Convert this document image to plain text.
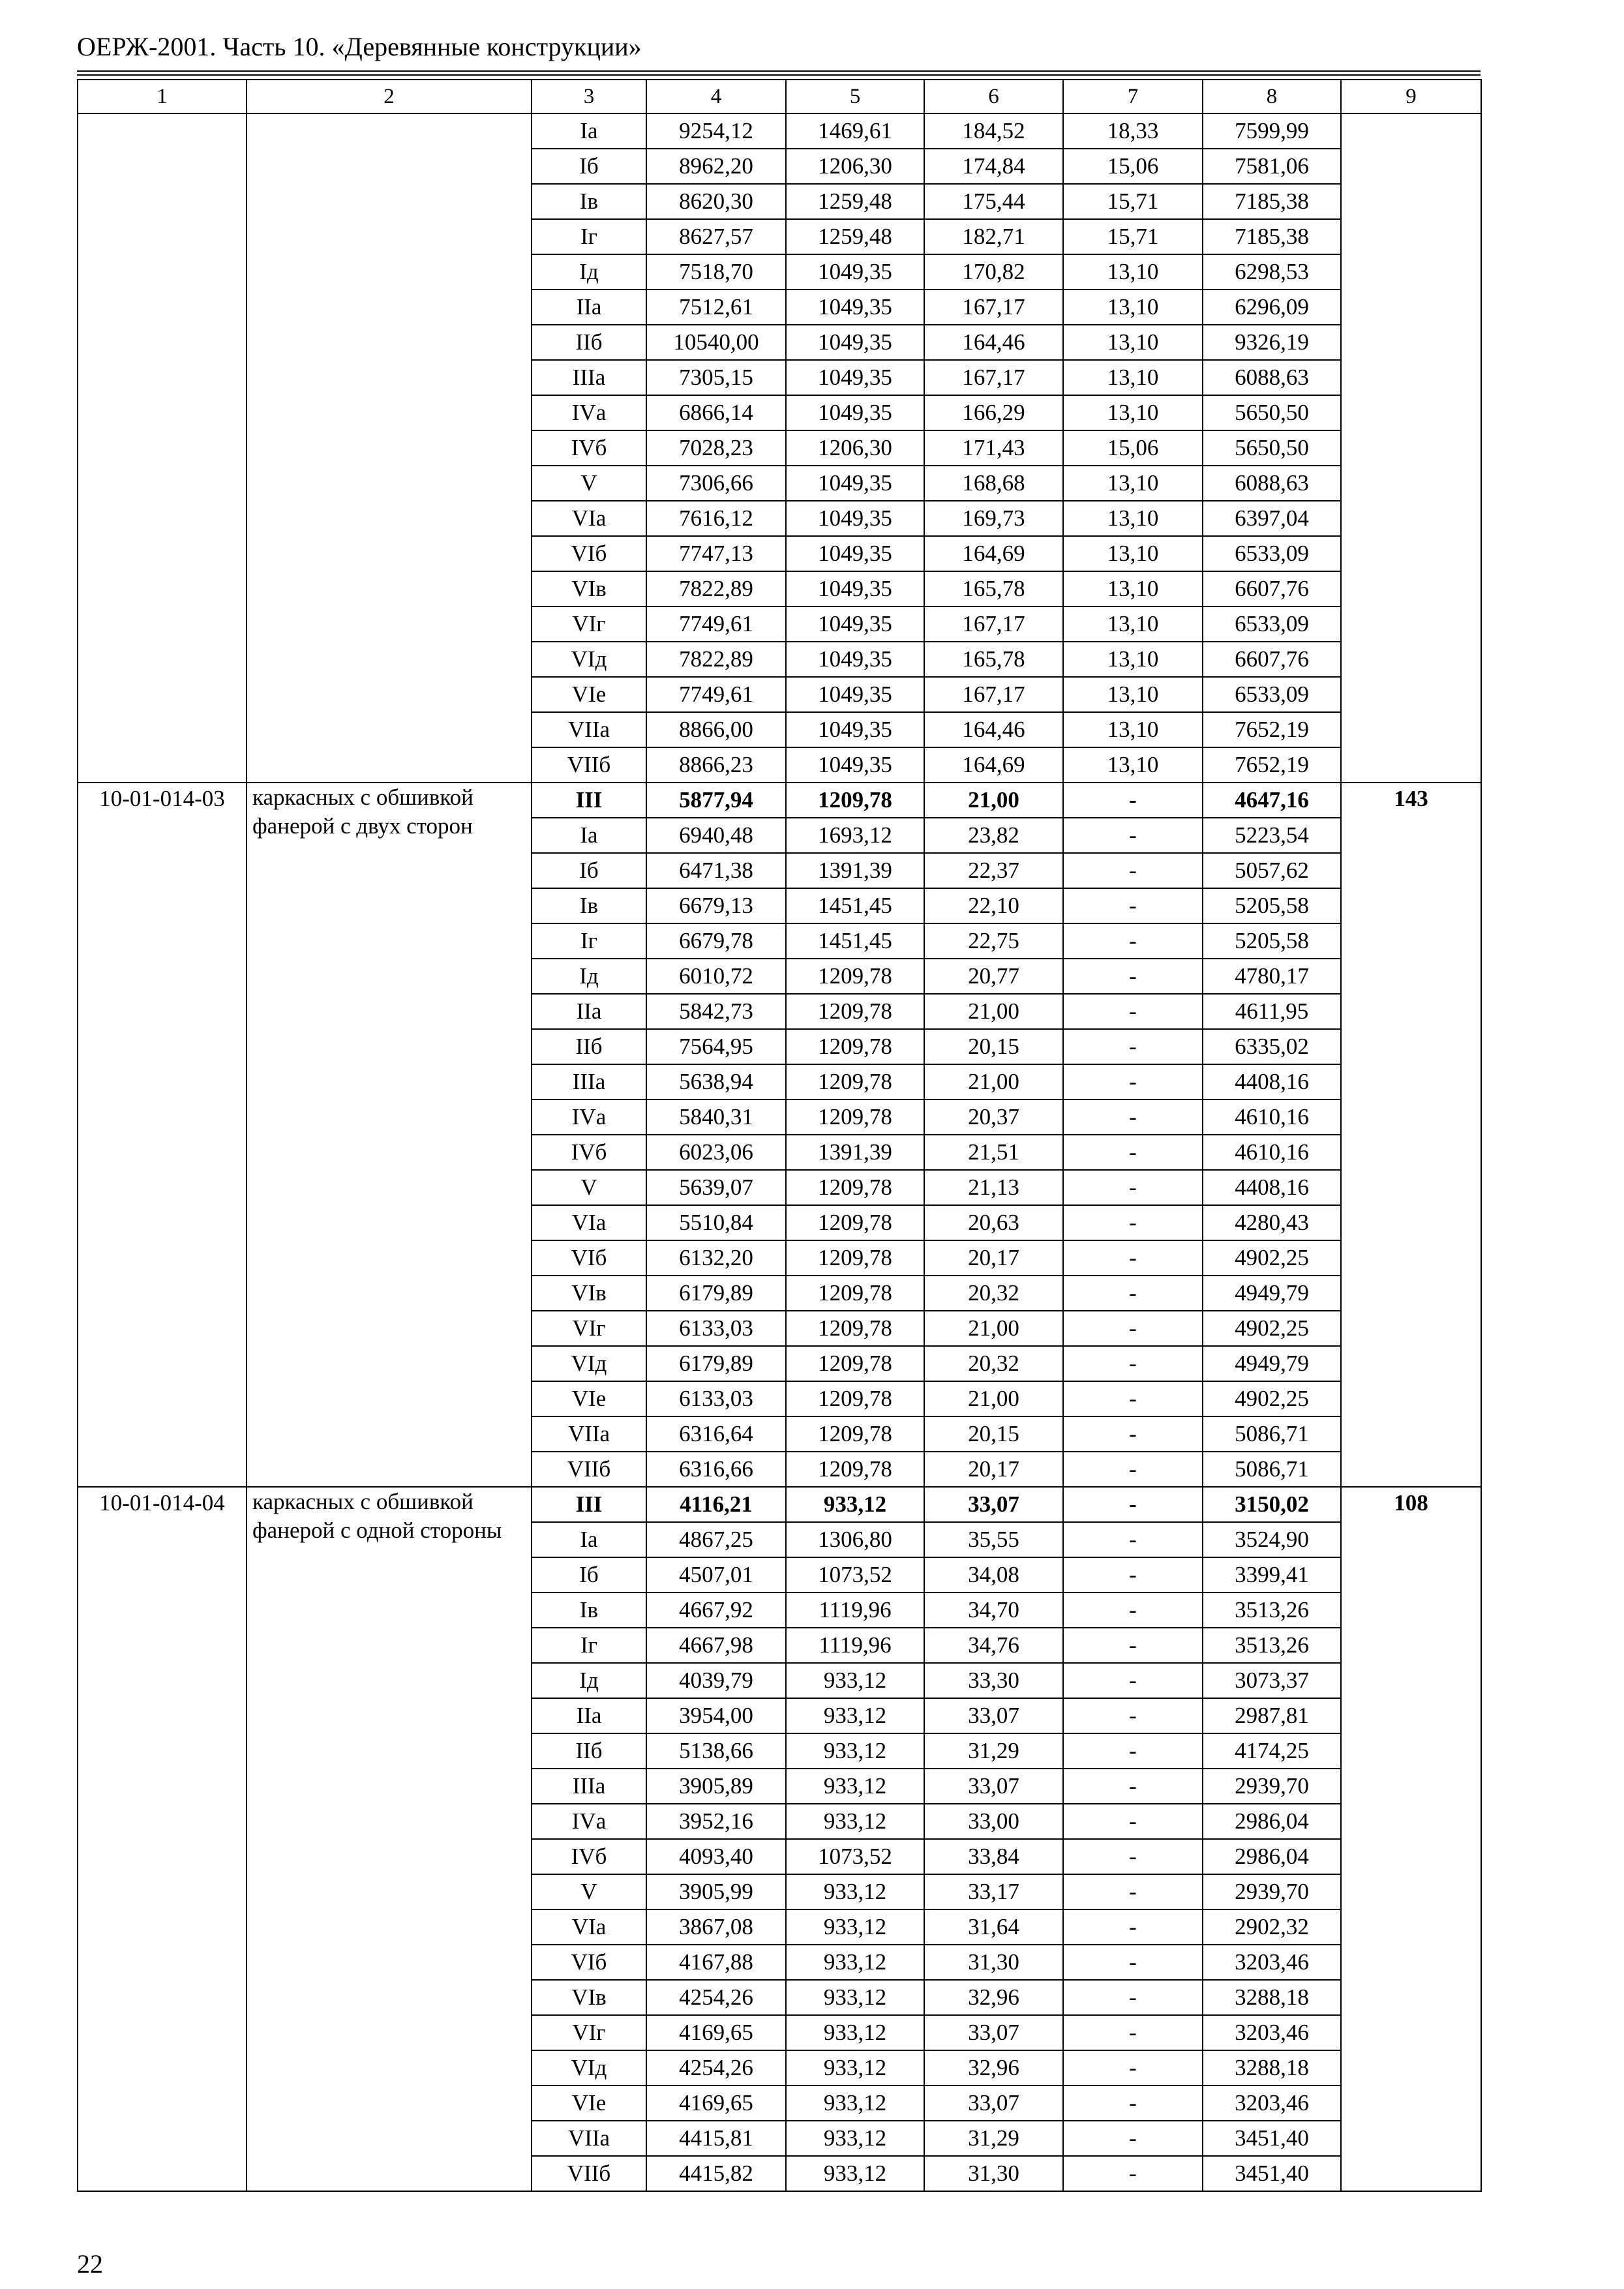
ОЕРЖ-2001. Часть 10. «Деревянные конструкции»
1	2	3	4	5	6	7	8	9
		Iа	9254,12	1469,61	184,52	18,33	7599,99	
		Iб	8962,20	1206,30	174,84	15,06	7581,06	
		Iв	8620,30	1259,48	175,44	15,71	7185,38	
		Iг	8627,57	1259,48	182,71	15,71	7185,38	
		Iд	7518,70	1049,35	170,82	13,10	6298,53	
		IIа	7512,61	1049,35	167,17	13,10	6296,09	
		IIб	10540,00	1049,35	164,46	13,10	9326,19	
		IIIа	7305,15	1049,35	167,17	13,10	6088,63	
		IVа	6866,14	1049,35	166,29	13,10	5650,50	
		IVб	7028,23	1206,30	171,43	15,06	5650,50	
		V	7306,66	1049,35	168,68	13,10	6088,63	
		VIа	7616,12	1049,35	169,73	13,10	6397,04	
		VIб	7747,13	1049,35	164,69	13,10	6533,09	
		VIв	7822,89	1049,35	165,78	13,10	6607,76	
		VIг	7749,61	1049,35	167,17	13,10	6533,09	
		VIд	7822,89	1049,35	165,78	13,10	6607,76	
		VIе	7749,61	1049,35	167,17	13,10	6533,09	
		VIIа	8866,00	1049,35	164,46	13,10	7652,19	
		VIIб	8866,23	1049,35	164,69	13,10	7652,19	
10-01-014-03	каркасных с обшивкой фанерой с двух сторон	III	5877,94	1209,78	21,00	-	4647,16	143
		Iа	6940,48	1693,12	23,82	-	5223,54	
		Iб	6471,38	1391,39	22,37	-	5057,62	
		Iв	6679,13	1451,45	22,10	-	5205,58	
		Iг	6679,78	1451,45	22,75	-	5205,58	
		Iд	6010,72	1209,78	20,77	-	4780,17	
		IIа	5842,73	1209,78	21,00	-	4611,95	
		IIб	7564,95	1209,78	20,15	-	6335,02	
		IIIа	5638,94	1209,78	21,00	-	4408,16	
		IVа	5840,31	1209,78	20,37	-	4610,16	
		IVб	6023,06	1391,39	21,51	-	4610,16	
		V	5639,07	1209,78	21,13	-	4408,16	
		VIа	5510,84	1209,78	20,63	-	4280,43	
		VIб	6132,20	1209,78	20,17	-	4902,25	
		VIв	6179,89	1209,78	20,32	-	4949,79	
		VIг	6133,03	1209,78	21,00	-	4902,25	
		VIд	6179,89	1209,78	20,32	-	4949,79	
		VIе	6133,03	1209,78	21,00	-	4902,25	
		VIIа	6316,64	1209,78	20,15	-	5086,71	
		VIIб	6316,66	1209,78	20,17	-	5086,71	
10-01-014-04	каркасных с обшивкой фанерой с одной стороны	III	4116,21	933,12	33,07	-	3150,02	108
		Iа	4867,25	1306,80	35,55	-	3524,90	
		Iб	4507,01	1073,52	34,08	-	3399,41	
		Iв	4667,92	1119,96	34,70	-	3513,26	
		Iг	4667,98	1119,96	34,76	-	3513,26	
		Iд	4039,79	933,12	33,30	-	3073,37	
		IIа	3954,00	933,12	33,07	-	2987,81	
		IIб	5138,66	933,12	31,29	-	4174,25	
		IIIа	3905,89	933,12	33,07	-	2939,70	
		IVа	3952,16	933,12	33,00	-	2986,04	
		IVб	4093,40	1073,52	33,84	-	2986,04	
		V	3905,99	933,12	33,17	-	2939,70	
		VIа	3867,08	933,12	31,64	-	2902,32	
		VIб	4167,88	933,12	31,30	-	3203,46	
		VIв	4254,26	933,12	32,96	-	3288,18	
		VIг	4169,65	933,12	33,07	-	3203,46	
		VIд	4254,26	933,12	32,96	-	3288,18	
		VIе	4169,65	933,12	33,07	-	3203,46	
		VIIа	4415,81	933,12	31,29	-	3451,40	
		VIIб	4415,82	933,12	31,30	-	3451,40	
22
